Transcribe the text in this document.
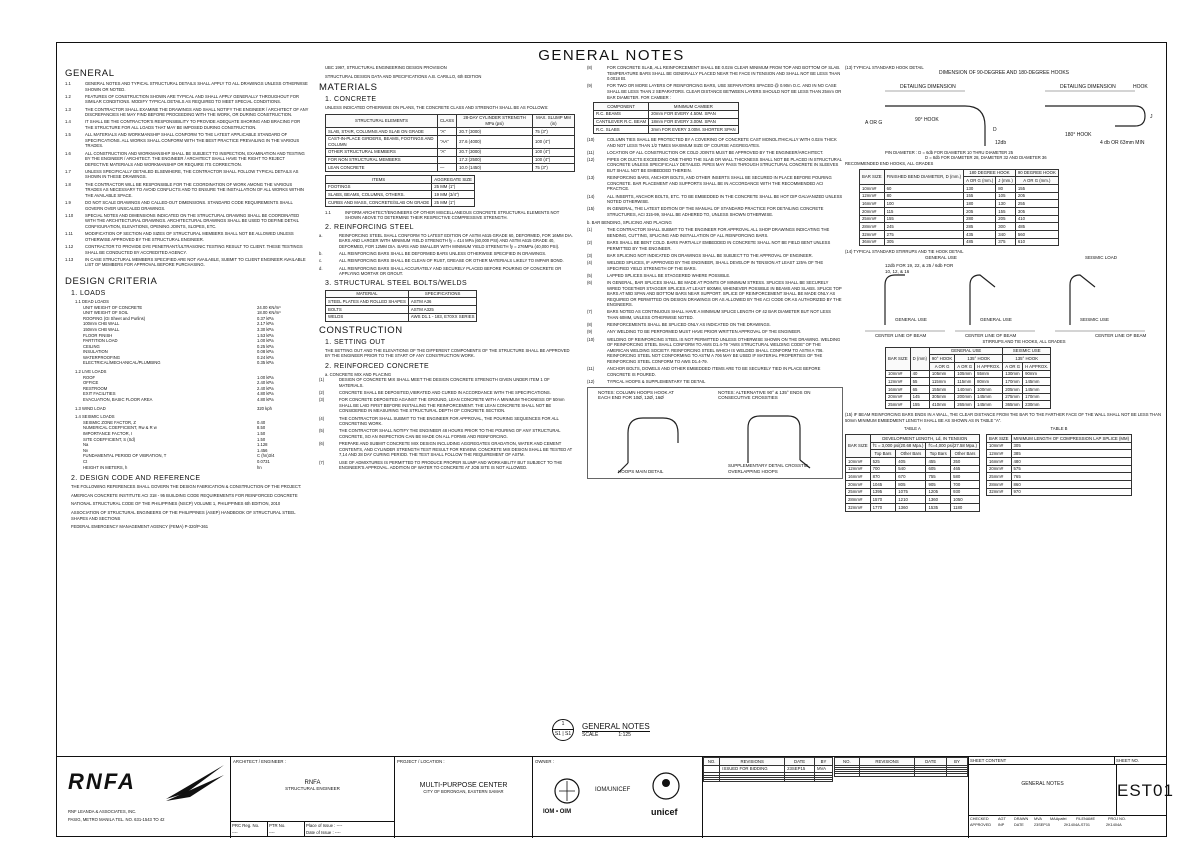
GENERAL NOTES
GENERAL
1.1	GENERAL NOTES AND TYPICAL STRUCTURAL DETAILS SHALL APPLY TO ALL DRAWINGS UNLESS OTHERWISE SHOWN OR NOTED.
1.2	FEATURES OF CONSTRUCTION SHOWN ARE TYPICAL AND SHALL APPLY GENERALLY THROUGHOUT FOR SIMILAR CONDITIONS. MODIFY TYPICAL DETAILS AS REQUIRED TO MEET SPECIAL CONDITIONS.
1.3	THE CONTRACTOR SHALL EXAMINE THE DRAWINGS AND SHALL NOTIFY THE ENGINEER / ARCHITECT OF ANY DISCREPANCIES HE MAY FIND BEFORE PROCEEDING WITH THE WORK, OR DURING CONSTRUCTION.
1.4	IT SHALL BE THE CONTRACTOR'S RESPONSIBILITY TO PROVIDE ADEQUATE SHORING AND BRACING FOR THE STRUCTURE FOR ALL LOADS THAT MAY BE IMPOSED DURING CONSTRUCTION.
1.5	ALL MATERIALS AND WORKMANSHIP SHALL CONFORM TO THE LATEST APPLICABLE STANDARD OF SPECIFICATIONS. ALL WORKS SHALL CONFORM WITH THE BEST PRACTICE PREVAILING IN THE VARIOUS TRADES.
1.6	ALL CONSTRUCTION AND WORKMANSHIP SHALL BE SUBJECT TO INSPECTION, EXAMINATION AND TESTING BY THE ENGINEER / ARCHITECT. THE ENGINEER / ARCHITECT SHALL HAVE THE RIGHT TO REJECT DEFECTIVE MATERIALS AND WORKMANSHIP OR REQUIRE ITS CORRECTION.
1.7	UNLESS SPECIFICALLY DETAILED ELSEWHERE, THE CONTRACTOR SHALL FOLLOW TYPICAL DETAILS AS SHOWN IN THESE DRAWINGS.
1.8	THE CONTRACTOR WILL BE RESPONSIBLE FOR THE COORDINATION OF WORK AMONG THE VARIOUS TRADES AS NECESSARY TO AVOID CONFLICTS AND TO ENSURE THE INSTALLATION OF ALL WORKS WITHIN THE AVAILABLE SPACE.
1.9	DO NOT SCALE DRAWINGS AND CALLED-OUT DIMENSIONS. STANDARD CODE REQUIREMENTS SHALL GOVERN OVER UNSCALED DRAWINGS.
1.10	SPECIAL NOTES AND DIMENSIONS INDICATED ON THE STRUCTURAL DRAWING SHALL BE COORDINATED WITH THE ARCHITECTURAL DRAWINGS. ARCHITECTURAL DRAWINGS SHALL BE USED TO DEFINE DETAIL CONFIGURATION, ELEVATIONS, OPENING JOINTS, SLOPES, ETC.
1.11	MODIFICATION OF SECTION AND SIZES OF STRUCTURAL MEMBERS SHALL NOT BE ALLOWED UNLESS OTHERWISE APPROVED BY THE STRUCTURAL ENGINEER.
1.12	CONTRACTOR TO PROVIDE DYE PENETRANT/ULTRASONIC TESTING RESULT TO CLIENT. THESE TESTINGS SHALL BE CONDUCTED BY ACCREDITED AGENCY.
1.13	IN CASE STRUCTURAL MEMBERS SPECIFIED ARE NOT AVAILABLE, SUBMIT TO CLIENT ENGINEER AVAILABLE LIST OF MEMBERS FOR APPROVAL BEFORE PURCHASING.
DESIGN CRITERIA
1. LOADS
1.1 DEAD LOADS
UNIT WEIGHT OF CONCRETE	24.00 KN/m³
UNIT WEIGHT OF SOIL	18.00 KN/m³
ROOFING (GI Sheet and Purlins)	0.37 kPa
100mm CHB WALL	2.17 kPa
150mm CHB WALL	3.30 kPa
FLOOR FINISH	1.53 kPa
PARTITION LOAD	1.00 kPa
CEILING	0.25 kPa
INSULATION	0.08 kPa
WATERPROOFING	0.24 kPa
ELECTRICAL/MECHANICAL/PLUMBING	0.35 kPa
1.2 LIVE LOADS
ROOF	1.00 kPa
OFFICE	2.40 kPa
RESTROOM	2.40 kPa
EXIT FACILITIES	4.80 kPa
EVACUATION, BASIC FLOOR AREA	4.80 kPa
1.3 WIND LOAD	320 kph
1.4 SEISMIC LOADS
SEISMIC ZONE FACTOR, Z	0.40
NUMERICAL COEFFICIENT, Rw & R w	8.50
IMPORTANCE FACTOR, I	1.50
SITE COEFFICIENT, S (Sd)	1.50
Na	1.128
Nv	1.456
FUNDAMENTAL PERIOD OF VIBRATION, T	C (hn)3/4
Ct	0.0731
HEIGHT IN METERS, h	hn
2. DESIGN CODE AND REFERENCE
THE FOLLOWING REFERENCES SHALL GOVERN THE DESIGN FABRICATION & CONSTRUCTION OF THE PROJECT:
AMERICAN CONCRETE INSTITUTE ACI 318 - 95 BUILDING CODE REQUIREMENTS FOR REINFORCED CONCRETE
NATIONAL STRUCTURAL CODE OF THE PHILIPPINES (NSCP) VOLUME 1, PHILIPPINES 6th EDITION, 2010
ASSOCIATION OF STRUCTURAL ENGINEERS OF THE PHILIPPINES (ASEP) HANDBOOK OF STRUCTURAL STEEL SHAPES AND SECTIONS
FEDERAL EMERGENCY MANAGEMENT AGENCY (FEMA) P-320/P-361
UBC 1997, STRUCTURAL ENGINEERING DESIGN PROVISION
STRUCTURAL DESIGN DATA AND SPECIFICATIONS A.B. CARILLO, 6th EDITION
MATERIALS
1. CONCRETE
UNLESS INDICATED OTHERWISE ON PLANS, THE CONCRETE CLASS AND STRENGTH SHALL BE AS FOLLOWS:
STRUCTURAL ELEMENTS	CLASS	28-DAY CYLINDER STRENGTH MPa (psi)	MAX. SLUMP MM (in)
SLAB, STAIR, COLUMNS AND SLAB ON GRADE	"A"	20.7 (3000)	75 (3")
CAST-IN-PLACE GIRDERS, BEAMS, FOOTINGS AND COLUMN	"AA"	27.6 (4000)	100 (4")
OTHER STRUCTURAL MEMBERS	"A"	20.7 (3000)	100 (4")
FOR NON STRUCTURAL MEMBERS		17.2 (2500)	100 (4")
LEAN CONCRETE	—	10.0 (1450)	75 (3")
ITEMS	AGGREGATE SIZE
FOOTINGS	25 MM (1")
SLABS, BEAMS, COLUMNS, OTHERS.	19 MM (3/4")
CURBS AND MASS, CONCRETE/SLAB ON GRADE	25 MM (1")
1.1	INFORM ARCHITECT/ENGINEERS OF OTHER MISCELLANEOUS CONCRETE STRUCTURAL ELEMENTS NOT SHOWN ABOVE TO DETERMINE THEIR RESPECTIVE COMPRESSIVE STRENGTH.
2. REINFORCING STEEL
a.	REINFORCING STEEL SHALL CONFORM TO LATEST EDITION OF ASTM A615 GRADE 60, DEFORMED, FOR 16MM DIA. BARS AND LARGER WITH MINIMUM YIELD STRENGTH fy = 414 MPa (60,000 PSI) AND ASTM A615 GRADE 40, DEFORMED, FOR 12MM DIA. BARS AND SMALLER WITH MINIMUM YIELD STRENGTH fy = 276MPa (40,000 PSI).
b.	ALL REINFORCING BARS SHALL BE DEFORMED BARS UNLESS OTHERWISE SPECIFIED IN DRAWINGS.
c.	ALL REINFORCING BARS SHALL BE CLEAN OF RUST, GREASE OR OTHER MATERIALS LIKELY TO IMPAIR BOND.
d.	ALL REINFORCING BARS SHALL ACCURATELY AND SECURELY PLACED BEFORE POURING OF CONCRETE OR APPLYING MORTAR OR GROUT.
3. STRUCTURAL STEEL BOLTS/WELDS
MATERIAL	SPECIFICATIONS
STEEL PLATES AND ROLLED SHAPES	ASTM A36
BOLTS	ASTM A325
WELDS	AWS D1.1 - 183, E70XX SERIES
CONSTRUCTION
1. SETTING OUT
THE SETTING OUT AND THE ELEVATIONS OF THE DIFFERENT COMPONENTS OF THE STRUCTURE SHALL BE APPROVED BY THE ENGINEER PRIOR TO THE START OF ANY CONSTRUCTION WORK.
2. REINFORCED CONCRETE
a. CONCRETE MIX AND PLACING
(1)	DESIGN OF CONCRETE MIX SHALL MEET THE DESIGN CONCRETE STRENGTH GIVEN UNDER ITEM 1 OF MATERIALS.
(2)	CONCRETE SHALL BE DEPOSITED,VIBRATED AND CURED IN ACCORDANCE WITH THE SPECIFICATIONS.
(3)	FOR CONCRETE DEPOSITED AGAINST THE GROUND, LEAN CONCRETE WITH A MINIMUM THICKNESS OF 50mm SHALL BE LAID FIRST BEFORE INSTALLING THE REINFORCEMENT. THE LEAN CONCRETE SHALL NOT BE CONSIDERED IN MEASURING THE STRUCTURAL DEPTH OF CONCRETE SECTION.
(4)	THE CONTRACTOR SHALL SUBMIT TO THE ENGINEER FOR APPROVAL, THE POURING SEQUENCES FOR ALL CONCRETING WORK.
(5)	THE CONTRACTOR SHALL NOTIFY THE ENGINEER 48 HOURS PRIOR TO THE POURING OF ANY STRUCTURAL CONCRETE, SO AN INSPECTION CAN BE MADE ON ALL FORMS AND REINFORCING.
(6)	PREPARE AND SUBMIT CONCRETE MIX DESIGN INCLUDING AGGREGATES GRADATION, WATER AND CEMENT CONTENTS, AND CYLINDER STRENGTH TEST RESULT FOR REVIEW. CONCRETE MIX DESIGN SHALL BE TESTED AT 7,14 AND 28 DAY CURING PERIOD. THE TEST SHALL FOLLOW THE REQUIREMENT OF ASTM.
(7)	USE OF ADMIXTURES IS PERMITTED TO PRODUCE PROPER SLUMP AND WORKABILITY BUT SUBJECT TO THE ENGINEER'S APPROVAL. ADDITION OF WATER TO CONCRETE AT JOB SITE IS NOT ALLOWED.
(8)	FOR CONCRETE SLAB, ALL REINFORCEMENT SHALL BE 0.02m CLEAR MINIMUM FROM TOP AND BOTTOM OF SLAB. TEMPERATURE BARS SHALL BE GENERALLY PLACED NEAR THE FACE IN TENSION AND SHALL NOT BE LESS THAN 0.0018 Bt.
(9)	FOR TWO OR MORE LAYERS OF REINFORCING BARS, USE SEPARATORS SPACED @ 0.90m O.C. AND IN NO CASE SHALL BE LESS THAN 2 SEPARATORS. CLEAR DISTANCE BETWEEN LAYERS SHOULD NOT BE LESS THAN 25mm OR BAR DIAMETER. FOR CAMBER :
COMPONENT	MINIMUM CAMBER
R.C. BEAMS	20mm FOR EVERY 4.50M. SPAN
CANTILEVER R.C. BEAM	18mm FOR EVERY 3.00M. SPAN
R.C. SLABS	3mm FOR EVERY 3.00M. SHORTER SPAN
(10)	COLUMN TIES SHALL BE PROTECTED BY A COVERING OF CONCRETE CAST MONOLITHICALLY WITH 0.02m THICK AND NOT LESS THAN 1/2 TIMES MAXIMUM SIZE OF COURSE AGGREGATES.
(11)	LOCATION OF ALL CONSTRUCTION OR COLD JOINTS MUST BE APPROVED BY THE ENGINEER/ARCHITECT.
(12)	PIPES OR DUCTS EXCEEDING ONE THIRD THE SLAB OR WALL THICKNESS SHALL NOT BE PLACED IN STRUCTURAL CONCRETE UNLESS SPECIFICALLY DETAILED. PIPES MAY PASS THROUGH STRUCTURAL CONCRETE IN SLEEVES BUT SHALL NOT BE EMBEDDED THEREIN.
(13)	REINFORCING BARS, ANCHOR BOLTS, AND OTHER INSERTS SHALL BE SECURED IN PLACE BEFORE POURING CONCRETE. BAR PLACEMENT AND SUPPORTS SHALL BE IN ACCORDANCE WITH THE RECOMMENDED ACI PRACTICE.
(14)	ALL INSERTS, ANCHOR BOLTS, ETC. TO BE EMBEDDED IN THE CONCRETE SHALL BE HOT DIP GALVANIZED UNLESS NOTED OTHERWISE.
(15)	IN GENERAL, THE LATEST EDITION OF THE MANUAL OF STANDARD PRACTICE FOR DETAILING CONCRETE STRUCTURES, ACI 315-99, SHALL BE ADHERED TO, UNLESS SHOWN OTHERWISE.
b. BAR BENDING, SPLICING AND PLACING
(1)	THE CONTRACTOR SHALL SUBMIT TO THE ENGINEER FOR APPROVAL ALL SHOP DRAWINGS INDICATING THE BENDING, CUTTING, SPLICING AND INSTALLATION OF ALL REINFORCING BARS.
(2)	BARS SHALL BE BENT COLD. BARS PARTIALLY EMBEDDED IN CONCRETE SHALL NOT BE FIELD BENT UNLESS PERMITTED BY THE ENGINEER.
(3)	BAR SPLICING NOT INDICATED ON DRAWINGS SHALL BE SUBJECT TO THE APPROVAL OF ENGINEER.
(4)	WELDED SPLICES, IF APPROVED BY THE ENGINEER, SHALL DEVELOP IN TENSION AT LEAST 125% OF THE SPECIFIED YIELD STRENGTH OF THE BARS.
(5)	LAPPED SPLICES SHALL BE STAGGERED WHERE POSSIBLE.
(6)	IN GENERAL, BAR SPLICES SHALL BE MADE AT POINTS OF MINIMUM STRESS. SPLICES SHALL BE SECURELY WIRED TOGETHER STAGGER SPLICES AT LEAST 600MM, WHENEVER POSSIBLE IN BEAMS AND SLABS. SPLICE TOP BARS AT MID SPAN AND BOTTOM BARS NEAR SUPPORT. SPLICE OF REINFORCEMENT SHALL BE MADE ONLY AS REQUIRED OR PERMITTED ON DESIGN DRAWINGS OR AS ALLOWED BY THE ACI CODE OR AS AUTHORIZED BY THE ENGINEERS.
(7)	BARS NOTED AS CONTINUOUS SHALL HAVE A MINIMUM SPLICE LENGTH OF 42 BAR DIAMETER BUT NOT LESS THAN 60MM, UNLESS OTHERWISE NOTED.
(8)	REINFORCEMENTS SHALL BE SPLICED ONLY AS INDICATED ON THE DRAWINGS.
(9)	ANY WELDING TO BE PERFORMED MUST HAVE PRIOR WRITTEN APPROVAL OF THE ENGINEER.
(10)	WELDING OF REINFORCING STEEL IS NOT PERMITTED UNLESS OTHERWISE SHOWN ON THE DRAWING. WELDING OF REINFORCING STEEL SHALL CONFORM TO AWS D1.4-79 "AWS STRUCTURAL WELDING CODE" OF THE AMERICAN WELDING SOCIETY. REINFORCING STEEL WHICH IS WELDED SHALL CONFORM TO ASTM A 706. REINFORCING STEEL NOT CONFORMING TO ASTM A 706 MAY BE USED IF MATERIAL PROPERTIES OF THE REINFORCING STEEL CONFORM TO AWS D1.4-79.
(11)	ANCHOR BOLTS, DOWELS AND OTHER EMBEDDED ITEMS ARE TO BE SECURELY TIED IN PLACE BEFORE CONCRETE IS POURED.
(12)	TYPICAL HOOPS & SUPPLEMENTARY TIE DETAIL
NOTES: COLUMN HOOPS HOOK AT EACH END FOR 10Ø, 12Ø, 16Ø
NOTES: ALTERNATIVE 90° & 135° ENDS ON CONSECUTIVE CROSSTIES
HOOPS MAIN DETAIL
SUPPLEMENTARY DETAIL CROSSTIE OVERLAPPING HOOPS
(13) TYPICAL STANDARD HOOK DETAIL
DIMENSION OF 90-DEGREE AND 180-DEGREE HOOKS
DETAILING DIMENSION	DETAILING DIMENSION	HOOK
90° HOOK
180° HOOK
A OR G
J
D
12db	4 db OR 63mm MIN
PIN DIAMETER : D = 6db FOR DIAMETER 10 THRU DIAMETER 25
D = 8db FOR DIAMETER 28, DIAMETER 32 AND DIAMETER 36
RECOMMENDED END HOOKS, ALL GRADES
BAR SIZE	FINISHED BEND DIAMETER, D (mm.)	180 DEGREE HOOK		90 DEGREE HOOK
		A OR G (mm.)	J (mm.)	A OR G (mm.)
10mm#	60	130	80	155
12mm#	80	155	105	205
16mm#	100	180	130	255
20mm#	115	205	155	305
25mm#	155	280	205	410
28mm#	245	285	300	485
32mm#	275	435	340	560
36mm#	305	485	375	610
(14) TYPICAL STANDARD STIRRUPS AND TIE HOOK DETAIL
GENERAL USE	SEISMIC LOAD
12db FOR 19, 22, & 25 / 6db FOR 10, 12, & 16
GENERAL USE
CENTER LINE OF BEAM
GENERAL USE
CENTER LINE OF BEAM
SEISMIC USE
CENTER LINE OF BEAM
STIRRUPS AND TIE HOOKS, ALL GRADES
BAR SIZE	D (mm)	GENERAL USE			SEISMIC USE	
		90° HOOK	135° HOOK		135° HOOK	
		A OR G	A OR G	H APPROX.	A OR G	H APPROX.
10mm#	40	105mm	105mm	55mm	130mm	90mm
12mm#	55	115mm	115mm	80mm	170mm	145mm
16mm#	65	155mm	140mm	100mm	205mm	145mm
20mm#	145	305mm	200mm	145mm	275mm	170mm
25mm#	155	410mm	265mm	145mm	365mm	230mm
(15) IF BEAM REINFORCING BARS ENDS IN A WALL, THE CLEAR DISTANCE FROM THE BAR TO THE FARTHER FACE OF THE WALL SHALL NOT BE LESS THAN 50mm MINIMUM EMBEDMENT LENGTH SHALL BE AS SHOWN AS IN TABLE "A".
TABLE A
BAR SIZE	DEVELOPMENT LENGTH, Ld, IN TENSION			
	f'c = 3,000 psi(20.68 Mpa.)		f'c=4,000 psi(27.58 Mpa.)	
	Top Bars	Other Bars	Top Bars	Other Bars
10mm#	525	405	455	350
12mm#	700	540	605	465
16mm#	870	670	755	580
20mm#	1045	805	905	700
25mm#	1395	1075	1205	930
28mm#	1570	1210	1360	1050
32mm#	1770	1360	1535	1180
TABLE B
BAR SIZE	MINIMUM LENGTH OF COMPRESSION LAP SPLICE (MM)
10mm#	305
12mm#	385
16mm#	480
20mm#	575
25mm#	765
28mm#	860
32mm#	970
1
S1 | S1
GENERAL NOTES
SCALE	1:125
RNFA
RNF LEANDA & ASSOCIATES, INC.
PASIG, METRO MANILA TEL. NO. 631-1543 TO 42
ARCHITECT / ENGINEER :
RNFA
STRUCTURAL ENGINEER
PRC Reg. No.	PTR No.	Place of Issue : ----
----	----	Date of Issue : ----
PROJECT / LOCATION :
MULTI-PURPOSE CENTER
CITY OF BORONGAN, EASTERN SAMAR
OWNER :
IOM • OIM
IOM/UNICEF
unicef
NO.	REVISIONS	DATE	BY
	ISSUED FOR BIDDING	23SEP15	MVA

NO.	REVISIONS	DATE	BY

			SHEET CONTENT	SHEET NO.
GENERAL NOTES	EST01
CHECKED	AGT	DRAWN	MVA	MAApafei	FILENAME	PROJ NO.
APPROVED	INP	DATE	23SEP15	2K1404A-ST01	2K1404A
